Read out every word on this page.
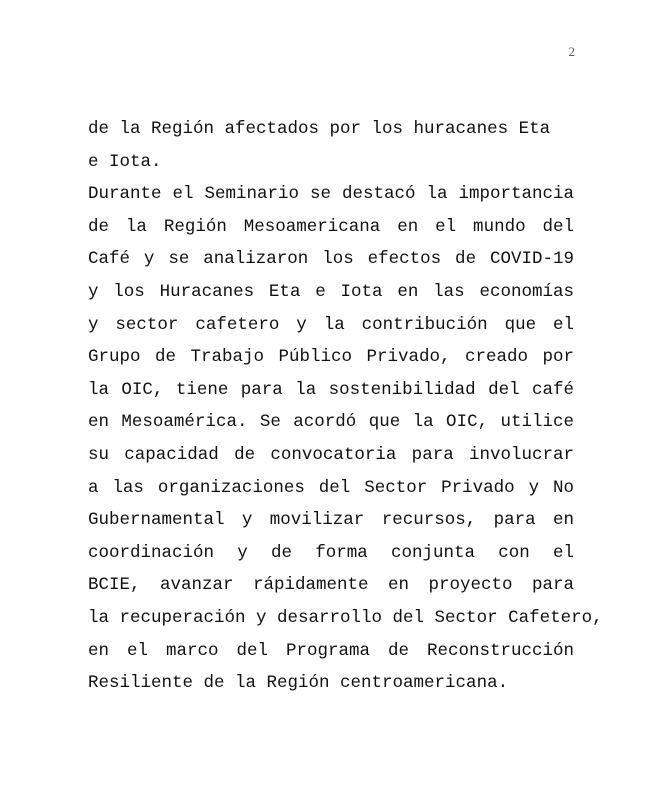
2
de la Región afectados por los huracanes Eta
e Iota.
Durante el Seminario se destacó la importancia
de la Región Mesoamericana en el mundo del
Café y se analizaron los efectos de COVID-19
y los Huracanes Eta e Iota en las economías
y sector cafetero y la contribución que el
Grupo de Trabajo Público Privado, creado por
la OIC, tiene para la sostenibilidad del café
en Mesoamérica. Se acordó que la OIC, utilice
su capacidad de convocatoria para involucrar
a las organizaciones del Sector Privado y No
Gubernamental y movilizar recursos, para en
coordinación y de forma conjunta con el
BCIE, avanzar rápidamente en proyecto para
la recuperación y desarrollo del Sector Cafetero,
en el marco del Programa de Reconstrucción
Resiliente de la Región centroamericana.
